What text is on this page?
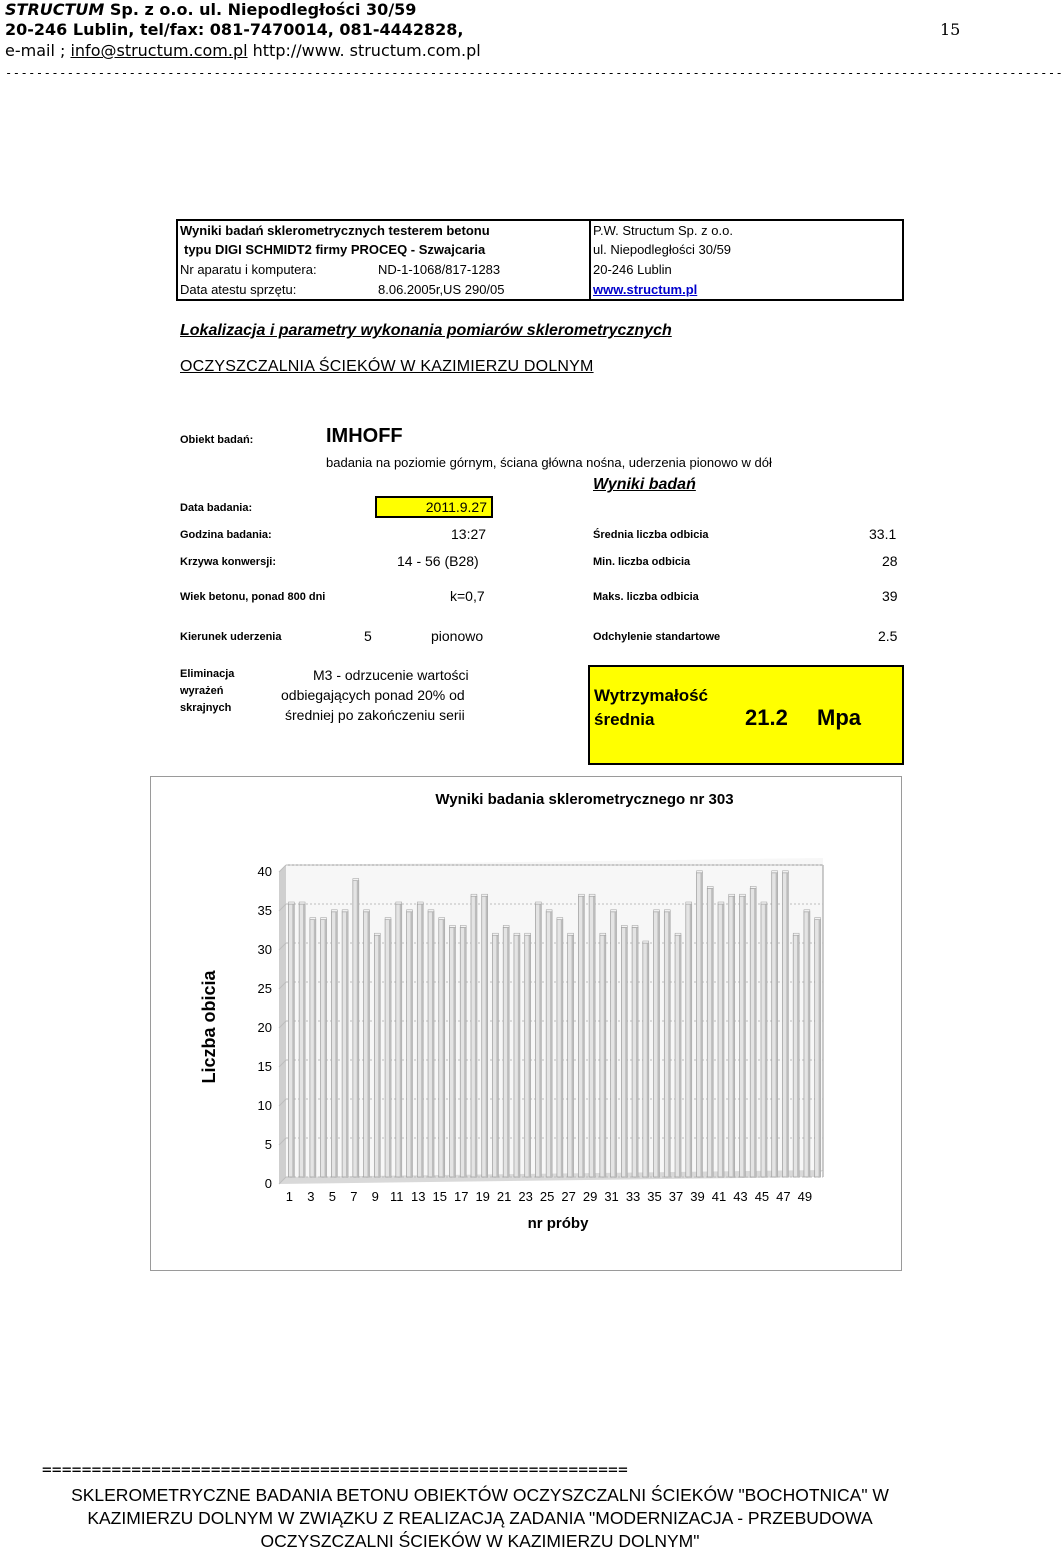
STRUCTUM Sp. z o.o. ul. Niepodległości 30/59
20-246 Lublin, tel/fax: 081-7470014, 081-4442828,
e-mail ; info@structum.com.pl http://www. structum.com.pl
15
-----------------------------------------------------------------------------------------------------------------------------------------
Wyniki badań sklerometrycznych testerem betonu
typu DIGI SCHMIDT2 firmy PROCEQ - Szwajcaria
Nr aparatu i komputera:	ND-1-1068/817-1283
Data atestu sprzętu:	8.06.2005r,US 290/05
P.W. Structum Sp. z o.o.
ul. Niepodległości 30/59
20-246 Lublin
www.structum.pl
Lokalizacja i parametry wykonania pomiarów sklerometrycznych
OCZYSZCZALNIA ŚCIEKÓW W KAZIMIERZU DOLNYM
Obiekt badań:	IMHOFF
badania na poziomie górnym, ściana główna nośna, uderzenia pionowo w dół
Wyniki badań
Data badania:	2011.9.27
Godzina badania:	13:27
Krzywa konwersji:	14 - 56 (B28)
Wiek betonu, ponad 800 dni	k=0,7
Kierunek uderzenia	5	pionowo
Eliminacja
wyrażeń
skrajnych
M3 - odrzucenie wartości
odbiegających ponad 20% od
średniej po zakończeniu serii
Średnia liczba odbicia	33.1
Min. liczba odbicia	28
Maks. liczba odbicia	39
Odchylenie standartowe	2.5
Wytrzymałość
średnia	21.2 Mpa
Wyniki badania sklerometrycznego nr 303
0
5
10
15
20
25
30
35
40
1 3 5 7 9 11 13 15 17 19 21 23 25 27 29 31 33 35 37 39 41 43 45 47 49
nr próby
Liczba obicia
===========================================================
SKLEROMETRYCZNE BADANIA BETONU OBIEKTÓW OCZYSZCZALNI ŚCIEKÓW "BOCHOTNICA" W
KAZIMIERZU DOLNYM W ZWIĄZKU Z REALIZACJĄ ZADANIA "MODERNIZACJA - PRZEBUDOWA
OCZYSZCZALNI ŚCIEKÓW W KAZIMIERZU DOLNYM"
